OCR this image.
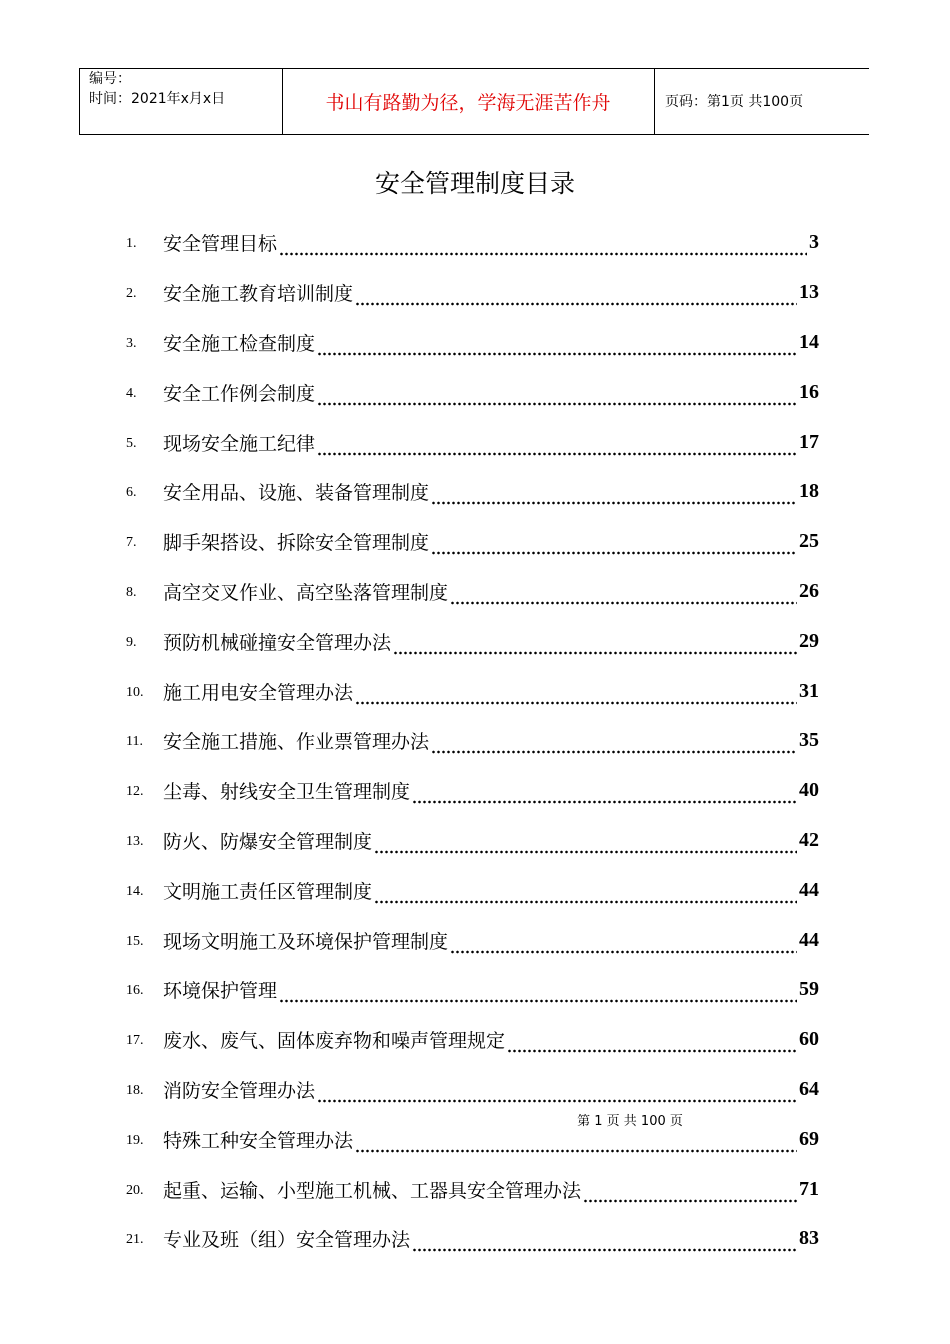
编号：
时间：2021年x月x日	书山有路勤为径，学海无涯苦作舟	页码：第1页 共100页
安全管理制度目录
1.	安全管理目标	3
2.	安全施工教育培训制度	13
3.	安全施工检查制度	14
4.	安全工作例会制度	16
5.	现场安全施工纪律	17
6.	安全用品、设施、装备管理制度	18
7.	脚手架搭设、拆除安全管理制度	25
8.	高空交叉作业、高空坠落管理制度	26
9.	预防机械碰撞安全管理办法	29
10.	施工用电安全管理办法	31
11.	安全施工措施、作业票管理办法	35
12.	尘毒、射线安全卫生管理制度	40
13.	防火、防爆安全管理制度	42
14.	文明施工责任区管理制度	44
15.	现场文明施工及环境保护管理制度	44
16.	环境保护管理	59
17.	废水、废气、固体废弃物和噪声管理规定	60
18.	消防安全管理办法	64
19.	特殊工种安全管理办法	69
20.	起重、运输、小型施工机械、工器具安全管理办法	71
21.	专业及班（组）安全管理办法	83
第 1 页 共 100 页
